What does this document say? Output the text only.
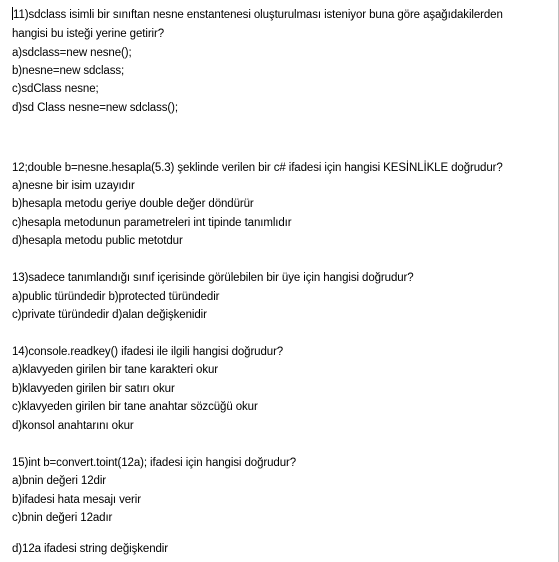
11)sdclass isimli bir sınıftan nesne enstantenesi oluşturulması isteniyor buna göre aşağıdakilerden
hangisi bu isteği yerine getirir?
a)sdclass=new nesne();
b)nesne=new sdclass;
c)sdClass nesne;
d)sd Class nesne=new sdclass();
12;double b=nesne.hesapla(5.3) şeklinde verilen bir c# ifadesi için hangisi KESİNLİKLE doğrudur?
a)nesne bir isim uzayıdır
b)hesapla metodu geriye double değer döndürür
c)hesapla metodunun parametreleri int tipinde tanımlıdır
d)hesapla metodu public metotdur
13)sadece tanımlandığı sınıf içerisinde görülebilen bir üye için hangisi doğrudur?
a)public türündedir b)protected türündedir
c)private türündedir d)alan değişkenidir
14)console.readkey() ifadesi ile ilgili hangisi doğrudur?
a)klavyeden girilen bir tane karakteri okur
b)klavyeden girilen bir satırı okur
c)klavyeden girilen bir tane anahtar sözcüğü okur
d)konsol anahtarını okur
15)int b=convert.toint(12a); ifadesi için hangisi doğrudur?
a)bnin değeri 12dir
b)ifadesi hata mesajı verir
c)bnin değeri 12adır
d)12a ifadesi string değişkendir
